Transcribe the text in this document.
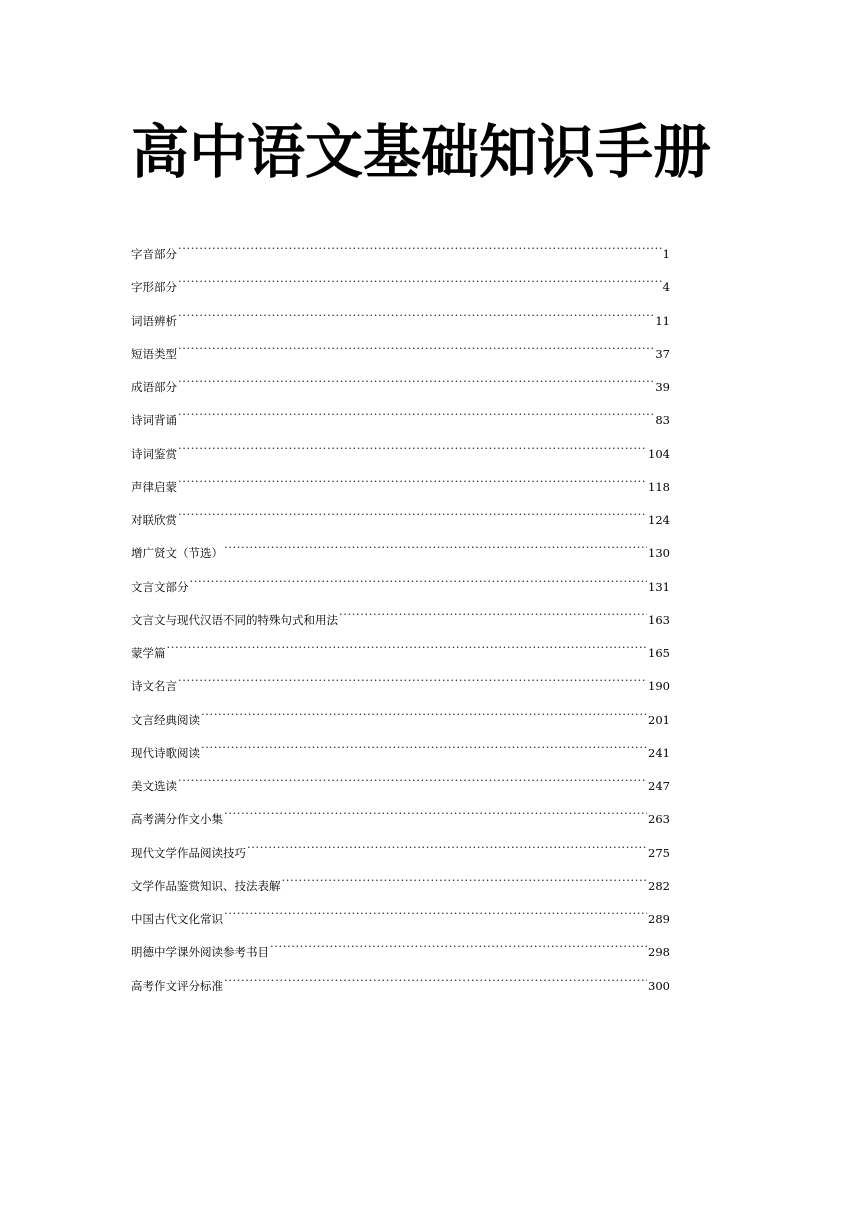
高中语文基础知识手册
字音部分 ·····	1
字形部分 ·····	4
词语辨析 ·····	11
短语类型 ·····	37
成语部分 ·····	39
诗词背诵 ·····	83
诗词鉴赏 ·····	104
声律启蒙 ·····	118
对联欣赏 ·····	124
增广贤文（节选） ·····	130
文言文部分 ·····	131
文言文与现代汉语不同的特殊句式和用法 ·····	163
蒙学篇 ·····	165
诗文名言 ·····	190
文言经典阅读 ·····	201
现代诗歌阅读 ·····	241
美文选读 ·····	247
高考满分作文小集 ·····	263
现代文学作品阅读技巧 ·····	275
文学作品鉴赏知识、技法表解 ·····	282
中国古代文化常识 ·····	289
明德中学课外阅读参考书目 ·····	298
高考作文评分标准 ·····	300
